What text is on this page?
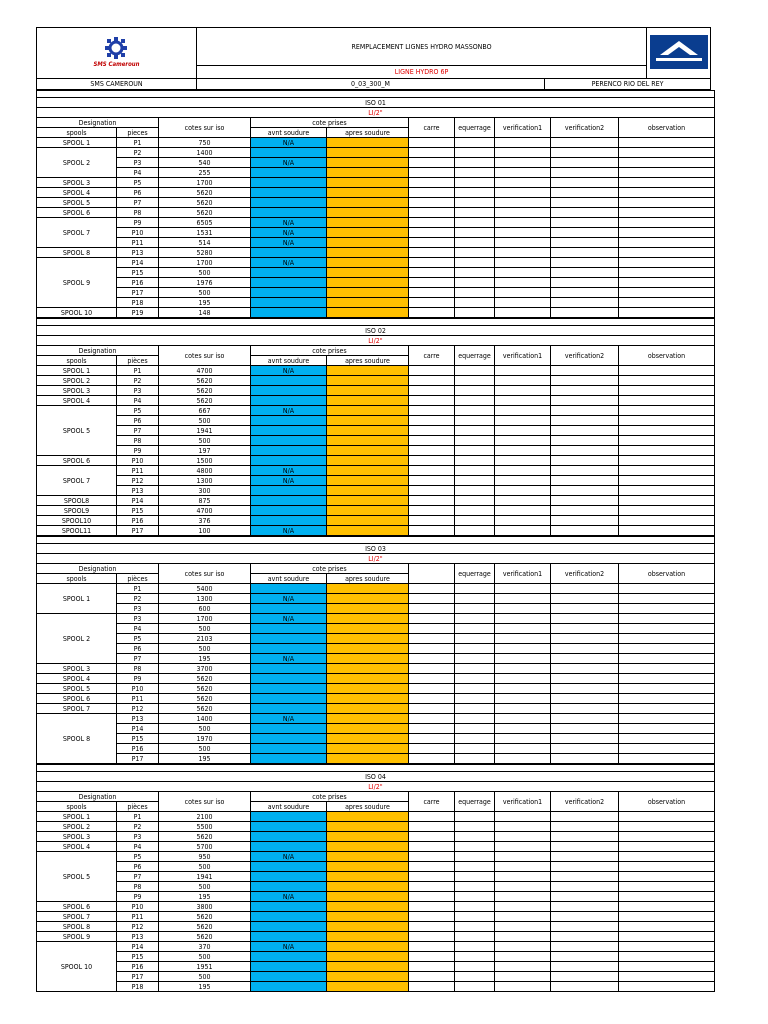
SMS Cameroun	REMPLACEMENT LIGNES HYDRO MASSONBO	
	LIGNE HYDRO 6P		
SMS CAMEROUN	0_03_300_M	PERENCO RIO DEL REY	

ISO 01									
LI/2"									
Designation		cotes sur iso	cote prises		carre	equerrage	verification1	verification2	observation
spools	pieces		avnt soudure	apres soudure					
SPOOL 1	P1	750	N/A						
SPOOL 2	P2	1400							
	P3	540	N/A						
	P4	255							
SPOOL 3	P5	1700							
SPOOL 4	P6	5620							
SPOOL 5	P7	5620							
SPOOL 6	P8	5620							
SPOOL 7	P9	6505	N/A						
	P10	1531	N/A						
	P11	514	N/A						
SPOOL 8	P13	5280							
SPOOL 9	P14	1700	N/A						
	P15	500							
	P16	1976							
	P17	500							
	P18	195							
SPOOL 10	P19	148							

ISO 02									
LI/2"									
Designation		cotes sur iso	cote prises		carre	equerrage	verification1	verification2	observation
spools	pièces		avnt soudure	apres soudure					
SPOOL 1	P1	4700	N/A						
SPOOL 2	P2	5620							
SPOOL 3	P3	5620							
SPOOL 4	P4	5620							
SPOOL 5	P5	667	N/A						
	P6	500							
	P7	1941							
	P8	500							
	P9	197							
SPOOL 6	P10	1500							
SPOOL 7	P11	4800	N/A						
	P12	1300	N/A						
	P13	300							
SPOOL8	P14	875							
SPOOL9	P15	4700							
SPOOL10	P16	376							
SPOOL11	P17	100	N/A						

ISO 03									
LI/2"									
Designation		cotes sur iso	cote prises			equerrage	verification1	verification2	observation
spools	pièces		avnt soudure	apres soudure					
SPOOL 1	P1	5400							
	P2	1300	N/A						
	P3	600							
SPOOL 2	P3	1700	N/A						
	P4	500							
	P5	2103							
	P6	500							
	P7	195	N/A						
SPOOL 3	P8	3700							
SPOOL 4	P9	5620							
SPOOL 5	P10	5620							
SPOOL 6	P11	5620							
SPOOL 7	P12	5620							
SPOOL 8	P13	1400	N/A						
	P14	500							
	P15	1970							
	P16	500							
	P17	195							

ISO 04									
LI/2"									
Designation		cotes sur iso	cote prises		carre	equerrage	verification1	verification2	observation
spools	pièces		avnt soudure	apres soudure					
SPOOL 1	P1	2100							
SPOOL 2	P2	5500							
SPOOL 3	P3	5620							
SPOOL 4	P4	5700							
SPOOL 5	P5	950	N/A						
	P6	500							
	P7	1941							
	P8	500							
	P9	195	N/A						
SPOOL 6	P10	3800							
SPOOL 7	P11	5620							
SPOOL 8	P12	5620							
SPOOL 9	P13	5620							
SPOOL 10	P14	370	N/A						
	P15	500							
	P16	1951							
	P17	500							
	P18	195							
